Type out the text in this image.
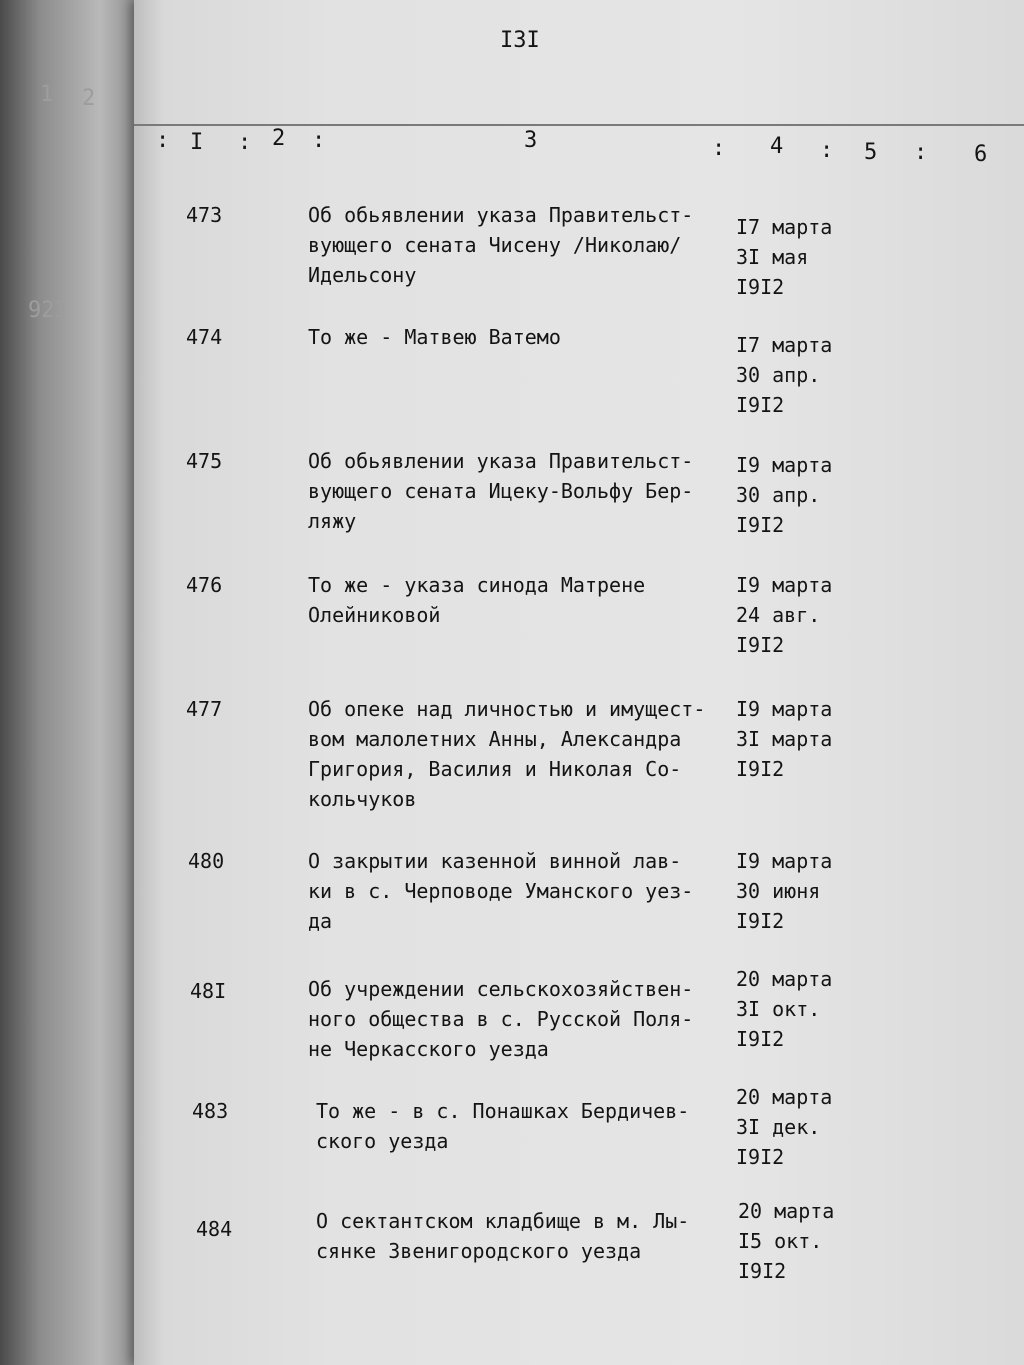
1 2
923
I3I
: I : 2 :	3	: 4 : 5 : 6
473	Об обьявлении указа Правительст-
вующего сената Чисену /Николаю/
Идельсону
I7 марта
3I мая
I9I2
474	То же - Матвею Ватемо	I7 марта
30 апр.
I9I2
475	Об обьявлении указа Правительст-
вующего сената Ицеку-Вольфу Бер-
ляжу
I9 марта
30 апр.
I9I2
476	То же - указа синода Матрене
Олейниковой
I9 марта
24 авг.
I9I2
477	Об опеке над личностью и имущест-
вом малолетних Анны, Александра
Григория, Василия и Николая Со-
кольчуков
I9 марта
3I марта
I9I2
480	О закрытии казенной винной лав-
ки в с. Черповоде Уманского уез-
да
I9 марта
30 июня
I9I2
48I	Об учреждении сельскохозяйствен-
ного общества в с. Русской Поля-
не Черкасского уезда
20 марта
3I окт.
I9I2
483	То же - в с. Понашках Бердичев-
ского уезда
20 марта
3I дек.
I9I2
484	О сектантском кладбище в м. Лы-
сянке Звенигородского уезда
20 марта
I5 окт.
I9I2
